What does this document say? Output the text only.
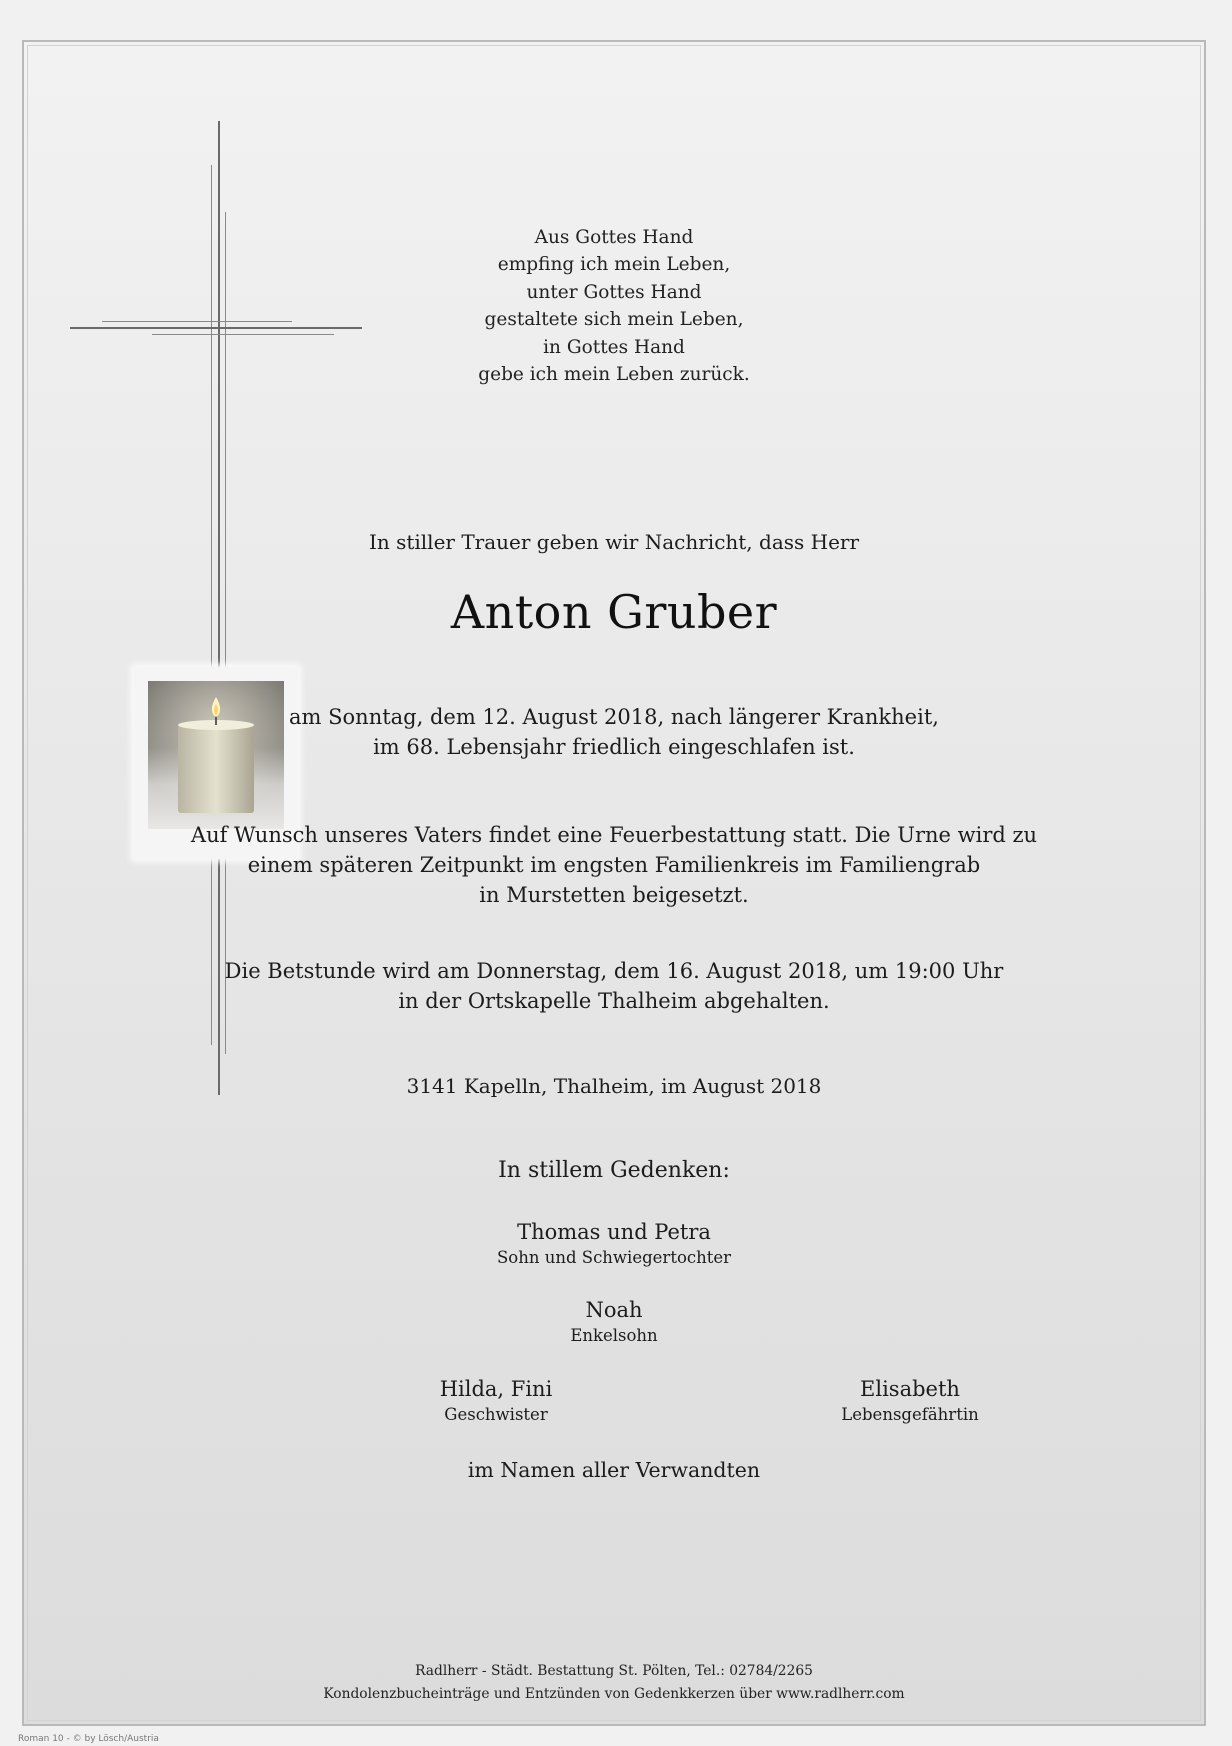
Aus Gottes Hand
empfing ich mein Leben,
unter Gottes Hand
gestaltete sich mein Leben,
in Gottes Hand
gebe ich mein Leben zurück.
In stiller Trauer geben wir Nachricht, dass Herr
Anton Gruber
am Sonntag, dem 12. August 2018, nach längerer Krankheit,
im 68. Lebensjahr friedlich eingeschlafen ist.
Auf Wunsch unseres Vaters findet eine Feuerbestattung statt. Die Urne wird zu
einem späteren Zeitpunkt im engsten Familienkreis im Familiengrab
in Murstetten beigesetzt.
Die Betstunde wird am Donnerstag, dem 16. August 2018, um 19:00 Uhr
in der Ortskapelle Thalheim abgehalten.
3141 Kapelln, Thalheim, im August 2018
In stillem Gedenken:
Thomas und Petra
Sohn und Schwiegertochter
Noah
Enkelsohn
Hilda, Fini
Geschwister
Elisabeth
Lebensgefährtin
im Namen aller Verwandten
Radlherr - Städt. Bestattung St. Pölten, Tel.: 02784/2265
Kondolenzbucheinträge und Entzünden von Gedenkkerzen über www.radlherr.com
Roman 10 - © by Lösch/Austria
